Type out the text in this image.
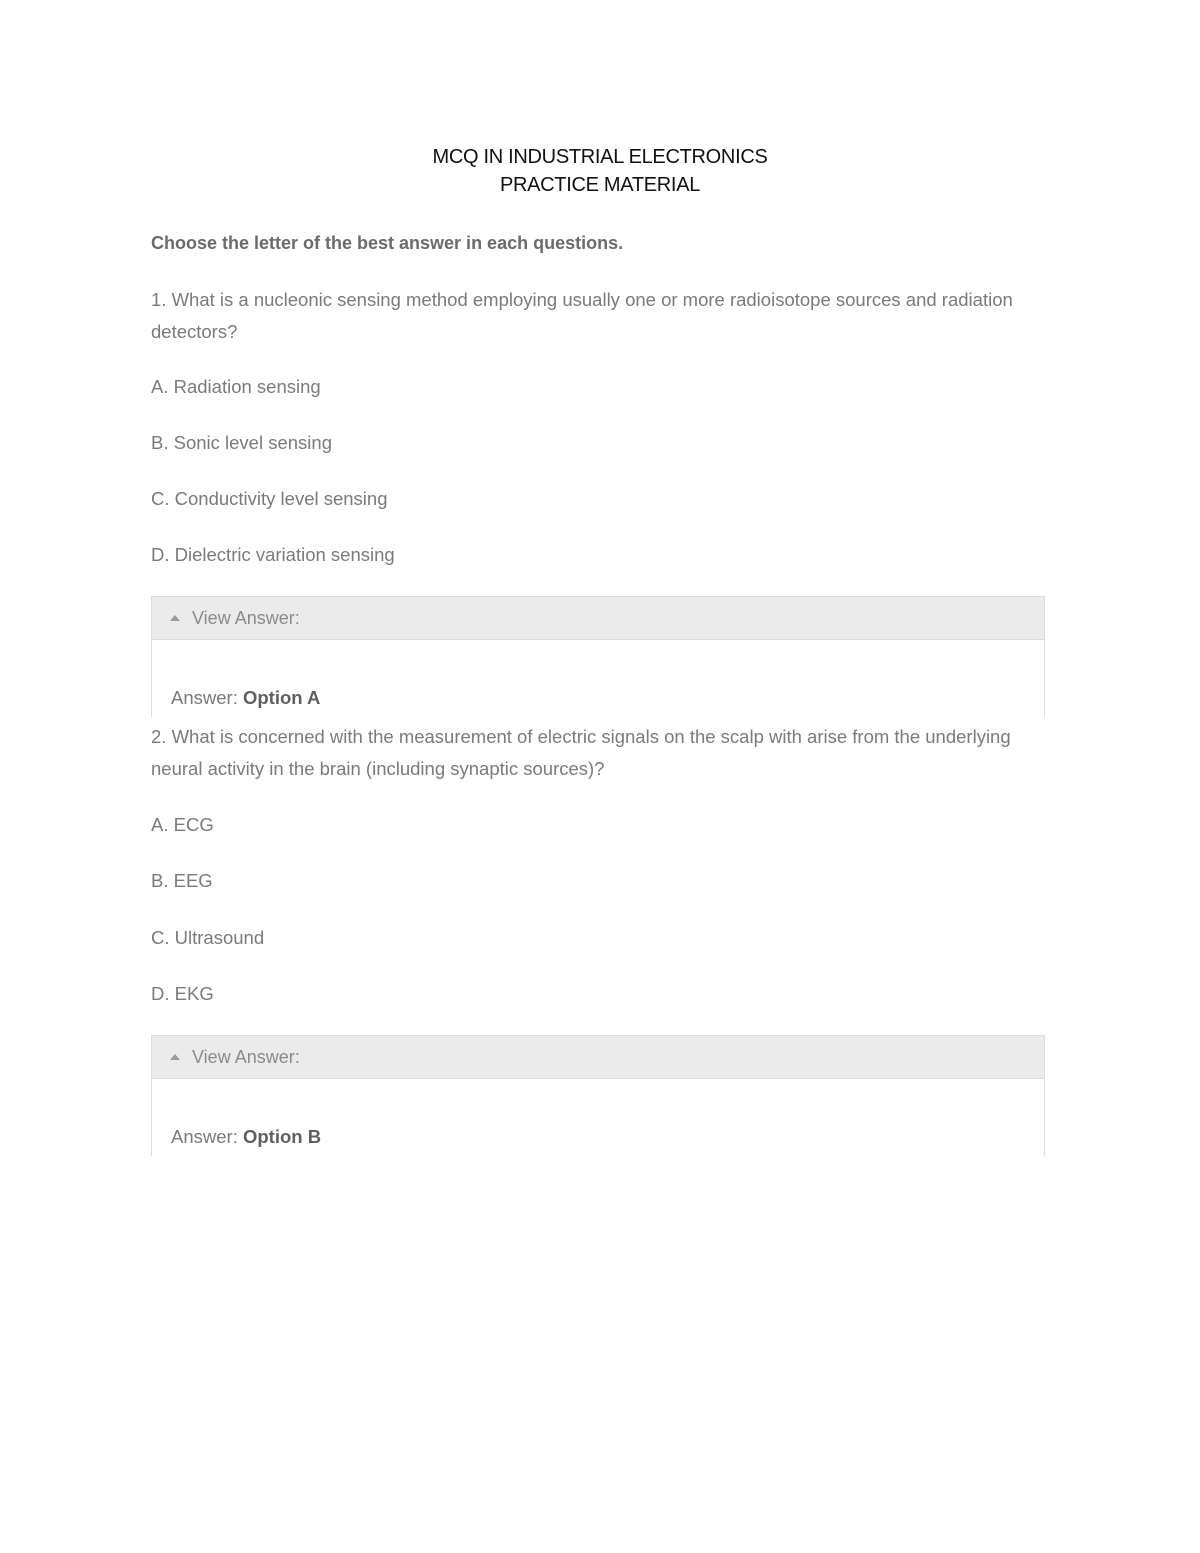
MCQ IN INDUSTRIAL ELECTRONICS
PRACTICE MATERIAL
Choose the letter of the best answer in each questions.
1. What is a nucleonic sensing method employing usually one or more radioisotope sources and radiation detectors?
A. Radiation sensing
B. Sonic level sensing
C. Conductivity level sensing
D. Dielectric variation sensing
View Answer:
Answer: Option A
2. What is concerned with the measurement of electric signals on the scalp with arise from the underlying neural activity in the brain (including synaptic sources)?
A. ECG
B. EEG
C. Ultrasound
D. EKG
View Answer:
Answer: Option B
